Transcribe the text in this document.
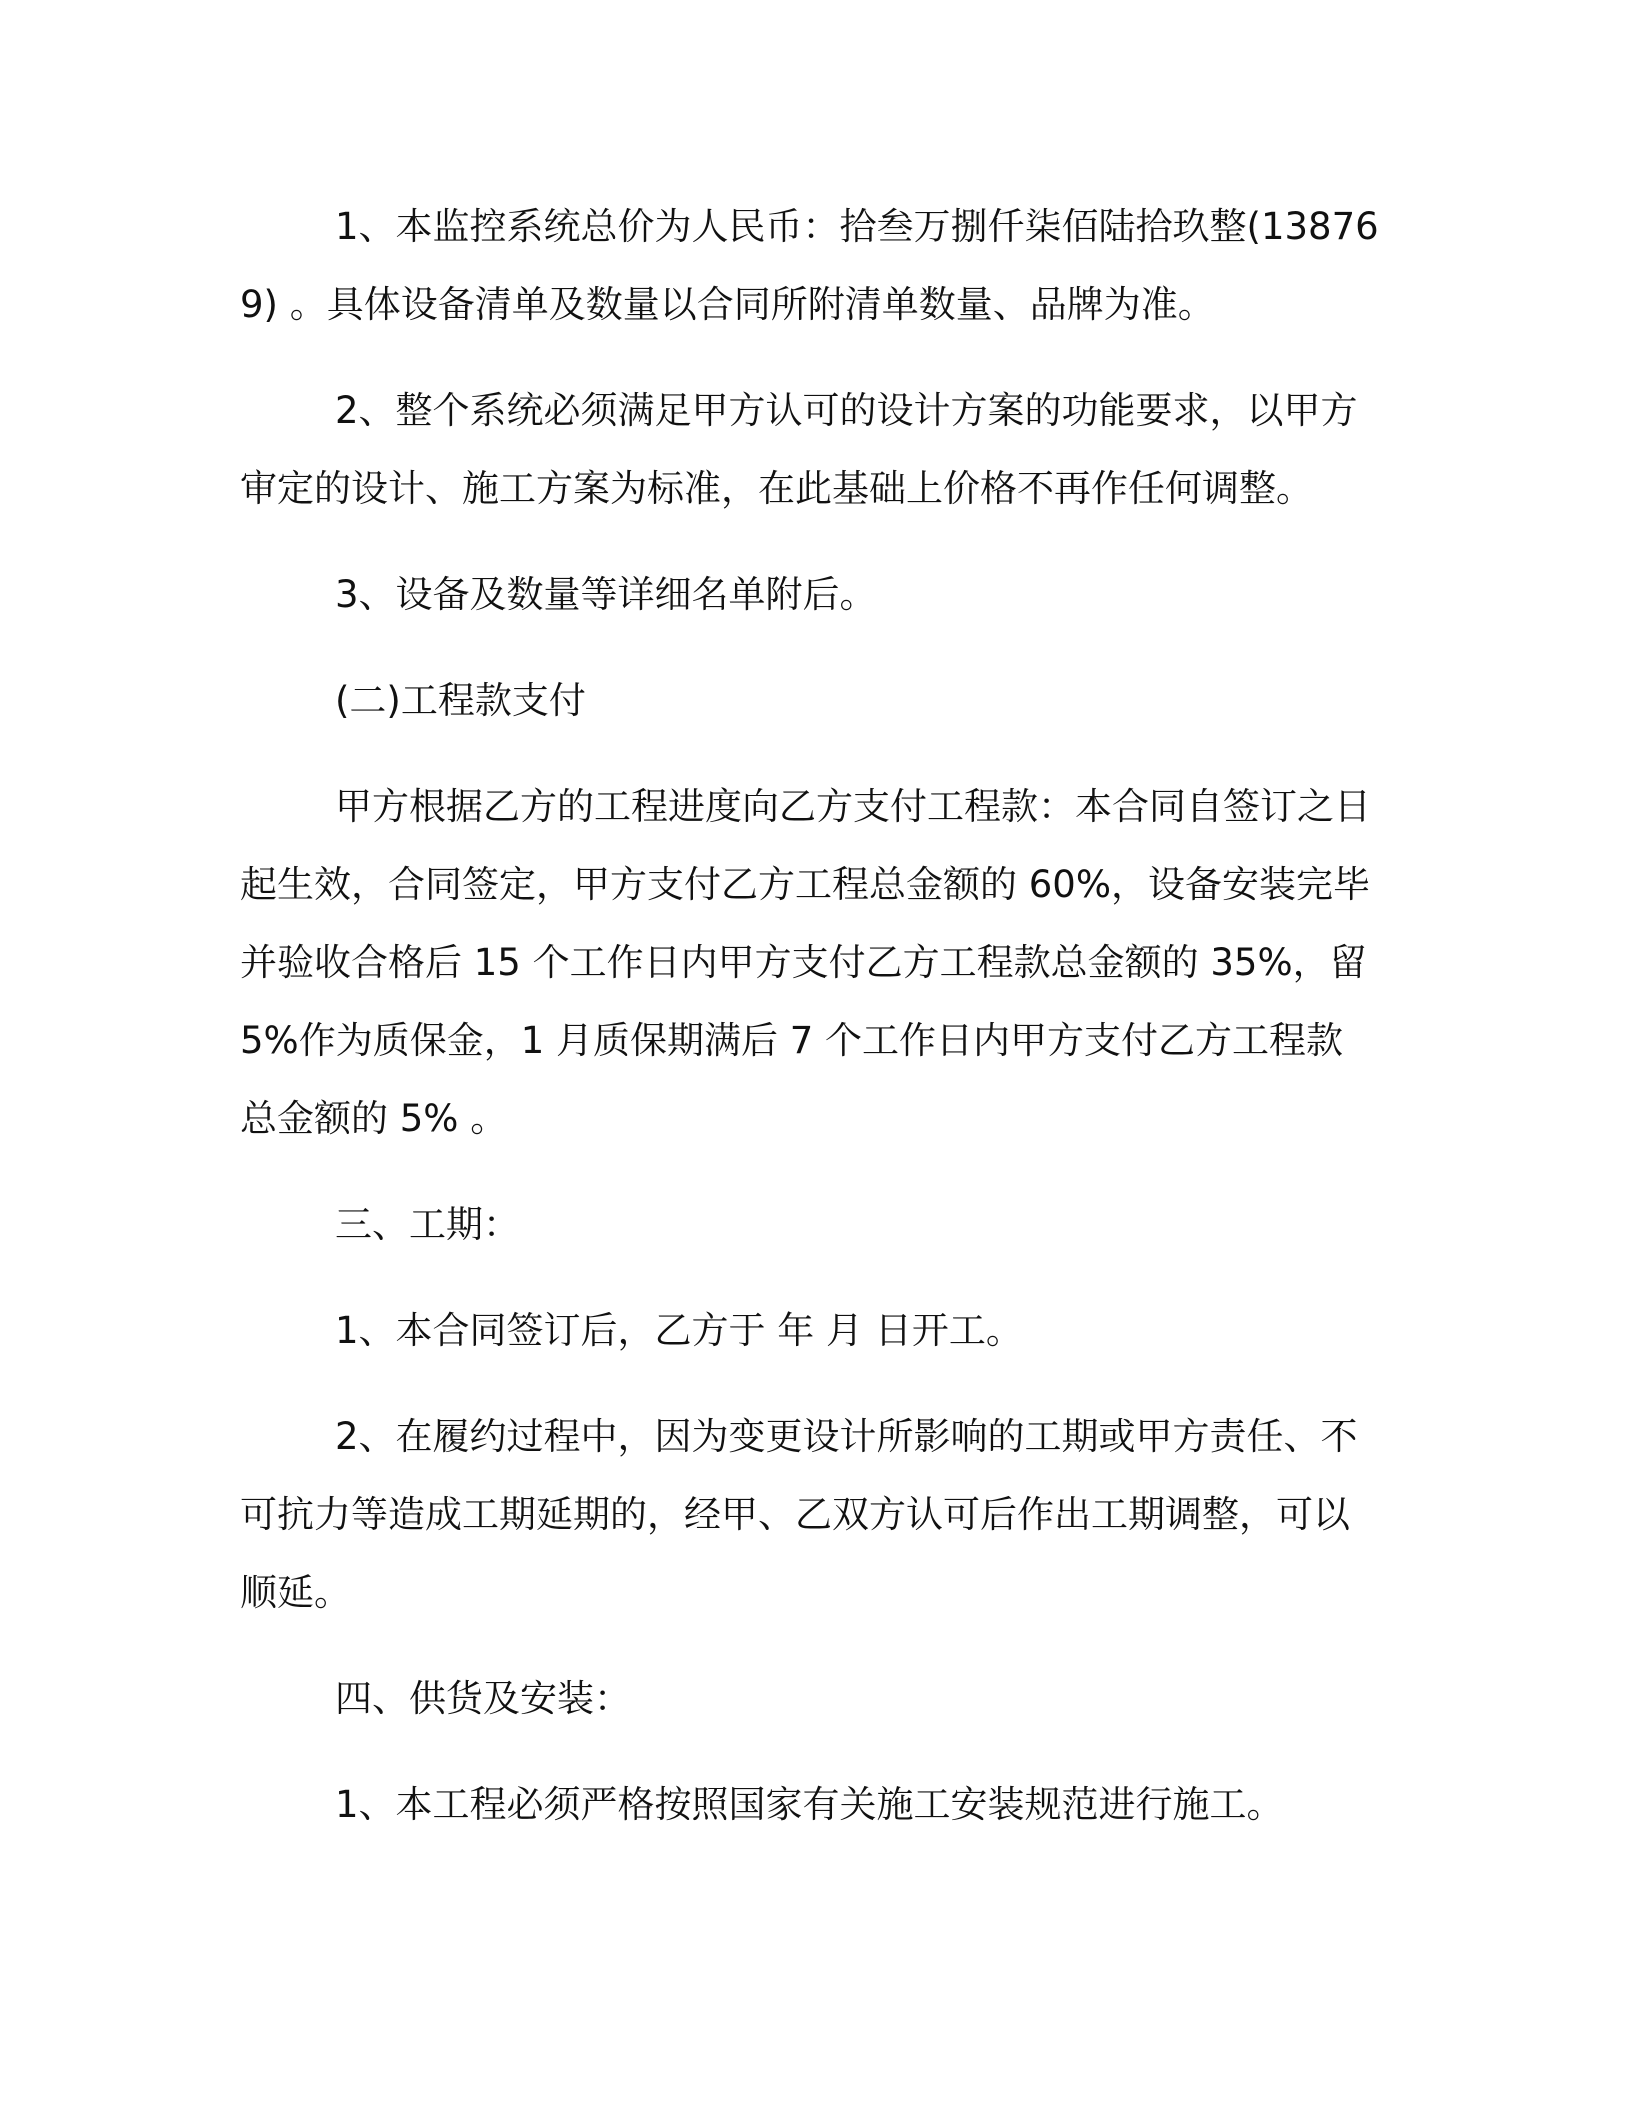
1、本监控系统总价为人民币：拾叁万捌仟柒佰陆拾玖整(138769) 。具体设备清单及数量以合同所附清单数量、品牌为准。

2、整个系统必须满足甲方认可的设计方案的功能要求，以甲方审定的设计、施工方案为标准，在此基础上价格不再作任何调整。

3、设备及数量等详细名单附后。

(二)工程款支付

甲方根据乙方的工程进度向乙方支付工程款：本合同自签订之日起生效，合同签定，甲方支付乙方工程总金额的 60%，设备安装完毕并验收合格后 15 个工作日内甲方支付乙方工程款总金额的 35%，留5%作为质保金，1 月质保期满后 7 个工作日内甲方支付乙方工程款总金额的 5% 。

三、工期：

1、本合同签订后，乙方于 年 月 日开工。

2、在履约过程中，因为变更设计所影响的工期或甲方责任、不可抗力等造成工期延期的，经甲、乙双方认可后作出工期调整，可以顺延。

四、供货及安装：

1、本工程必须严格按照国家有关施工安装规范进行施工。
